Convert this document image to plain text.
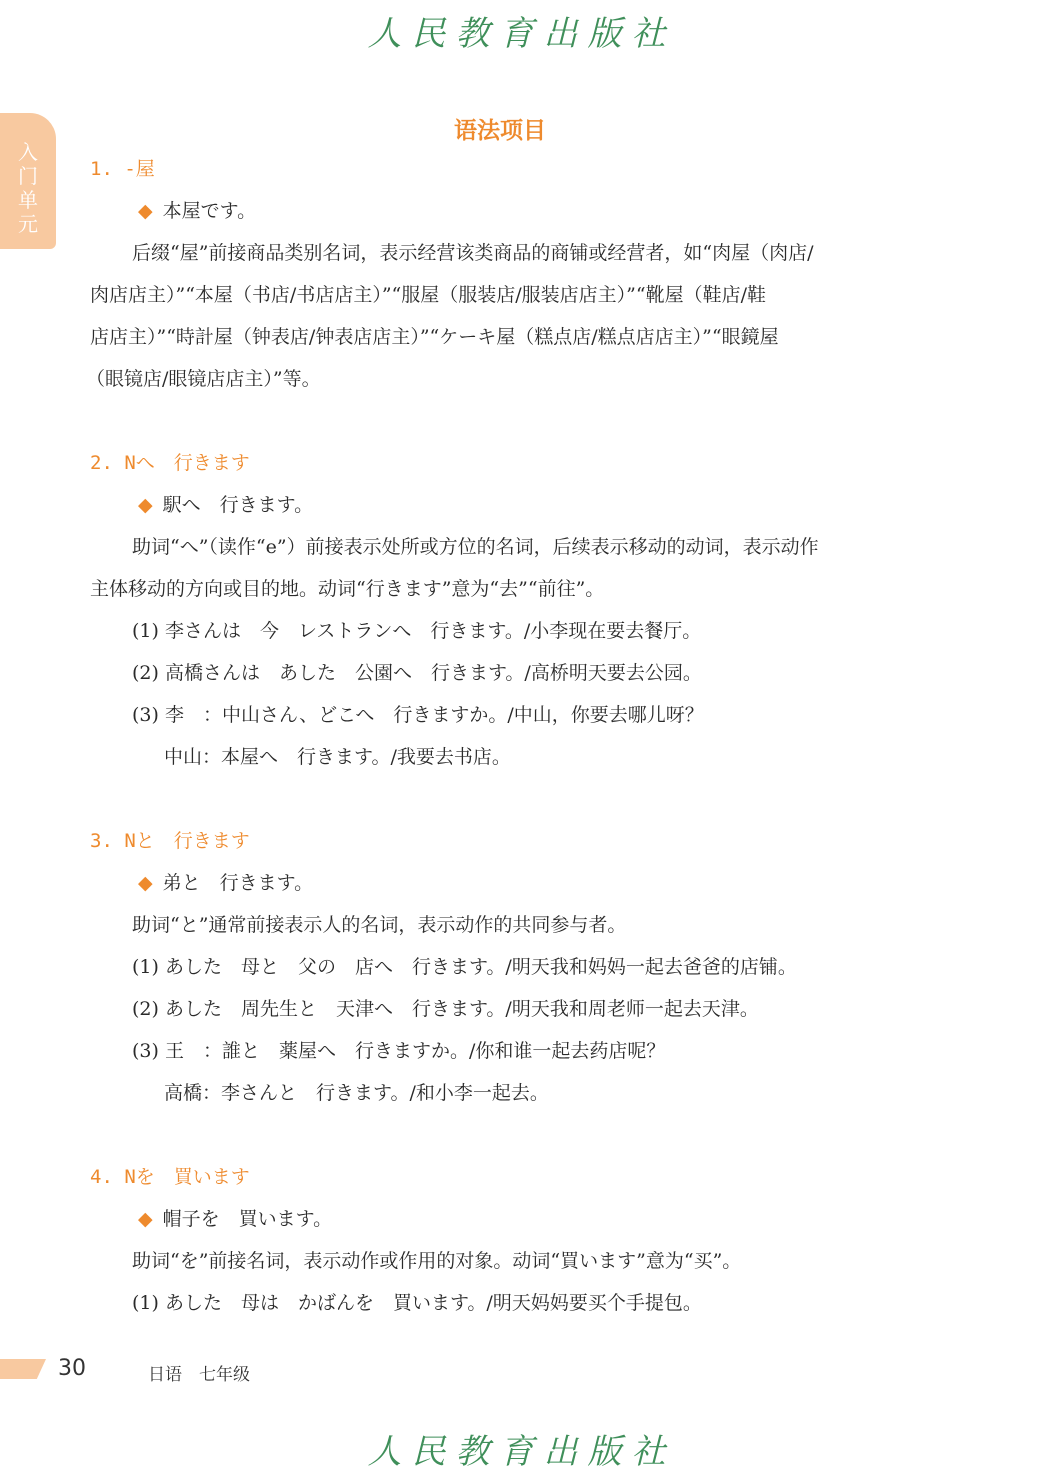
人民教育出版社
入门单元
语法项目
1. -屋
◆ 本屋です。
后缀“屋”前接商品类别名词，表示经营该类商品的商铺或经营者，如“肉屋（肉店/
肉店店主）”“本屋（书店/书店店主）”“服屋（服装店/服装店店主）”“靴屋（鞋店/鞋
店店主）”“時計屋（钟表店/钟表店店主）”“ケーキ屋（糕点店/糕点店店主）”“眼鏡屋
（眼镜店/眼镜店店主）”等。
2. Nへ　行きます
◆ 駅へ　行きます。
助词“へ”（读作“e”）前接表示处所或方位的名词，后续表示移动的动词，表示动作
主体移动的方向或目的地。动词“行きます”意为“去”“前往”。
(1) 李さんは　今　レストランへ　行きます。/小李现在要去餐厅。
(2) 高橋さんは　あした　公園へ　行きます。/高桥明天要去公园。
(3) 李　：中山さん、どこへ　行きますか。/中山，你要去哪儿呀？
中山：本屋へ　行きます。/我要去书店。
3. Nと　行きます
◆ 弟と　行きます。
助词“と”通常前接表示人的名词，表示动作的共同参与者。
(1) あした　母と　父の　店へ　行きます。/明天我和妈妈一起去爸爸的店铺。
(2) あした　周先生と　天津へ　行きます。/明天我和周老师一起去天津。
(3) 王　：誰と　薬屋へ　行きますか。/你和谁一起去药店呢？
高橋：李さんと　行きます。/和小李一起去。
4. Nを　買います
◆ 帽子を　買います。
助词“を”前接名词，表示动作或作用的对象。动词“買います”意为“买”。
(1) あした　母は　かばんを　買います。/明天妈妈要买个手提包。
30	日语　七年级
人民教育出版社
